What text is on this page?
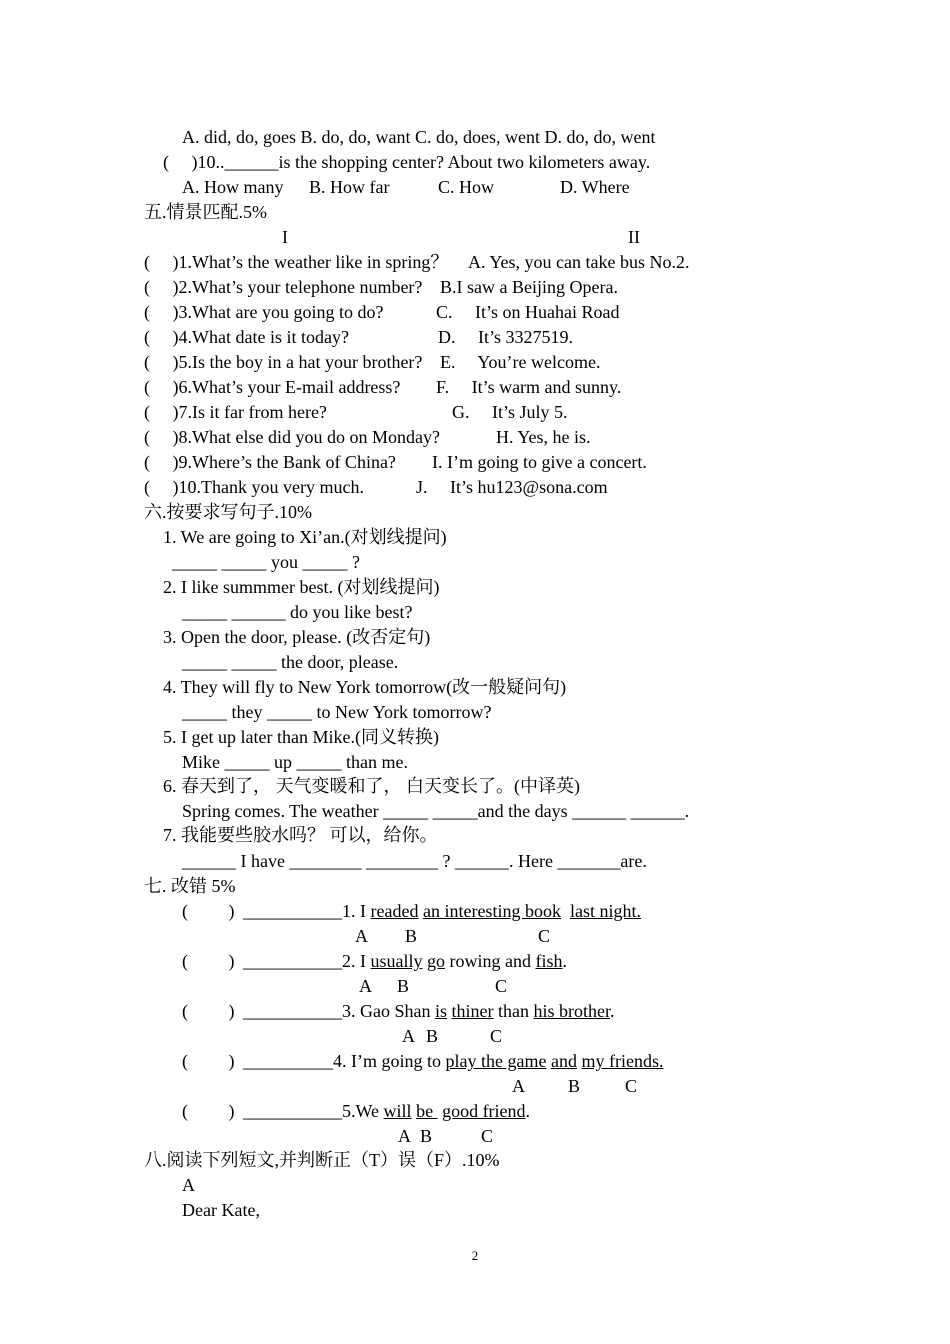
A. did, do, goes B. do, do, want C. do, does, went D. do, do, went
(     )10..______is the shopping center? About two kilometers away.
A. How many B. How far	C. How	D. Where
五.情景匹配.5%
I	II
(     )1.What’s the weather like in spring？ A. Yes, you can take bus No.2.
(     )2.What’s your telephone number? B.I saw a Beijing Opera.
(     )3.What are you going to do?	C.     It’s on Huahai Road
(     )4.What date is it today?	D.     It’s 3327519.
(     )5.Is the boy in a hat your brother? E.     You’re welcome.
(     )6.What’s your E-mail address? F.     It’s warm and sunny.
(     )7.Is it far from here?	G.     It’s July 5.
(     )8.What else did you do on Monday?	H. Yes, he is.
(     )9.Where’s the Bank of China? I. I’m going to give a concert.
(     )10.Thank you very much.	J.     It’s hu123@sona.com
六.按要求写句子.10%
1. We are going to Xi’an.(对划线提问)
_____ _____ you _____ ?
2. I like summmer best. (对划线提问)
_____ ______ do you like best?
3. Open the door, please. (改否定句)
_____ _____ the door, please.
4. They will fly to New York tomorrow(改一般疑问句)
_____ they _____ to New York tomorrow?
5. I get up later than Mike.(同义转换)
Mike _____ up _____ than me.
6. 春天到了， 天气变暖和了， 白天变长了。(中译英)
Spring comes. The weather _____ _____and the days ______ ______.
7. 我能要些胶水吗？ 可以，给你。
______ I have ________ ________ ? ______. Here _______are.
七. 改错 5%
(         ) ___________1. I readed an interesting book last night.
A B	C
(         ) ___________2. I usually go rowing and fish.
A B	C
(         ) ___________3. Gao Shan is thiner than his brother.
A B	C
(         ) __________4. I’m going to play the game and my friends.
A B C
(         ) ___________5.We will be  good friend.
A B	C
八.阅读下列短文,并判断正（T）误（F）.10%
A
Dear Kate,
2
